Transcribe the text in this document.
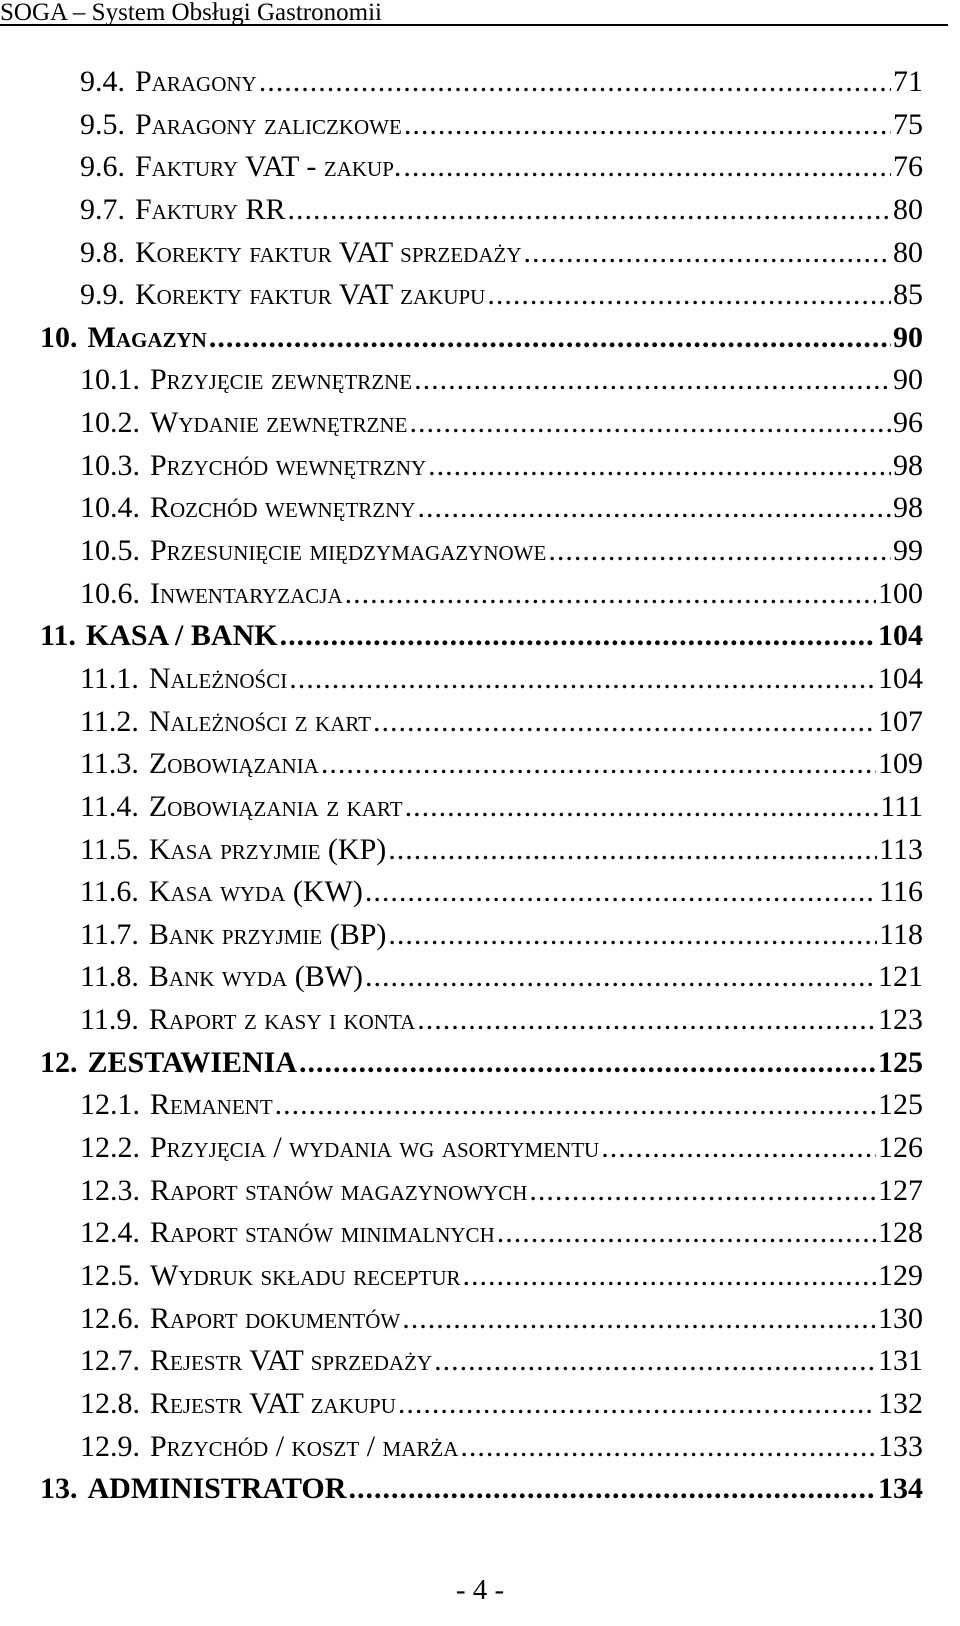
SOGA – System Obsługi Gastronomii
9.4. Paragony .....	71
9.5. Paragony zaliczkowe .....	75
9.6. Faktury VAT - zakup. .....	76
9.7. Faktury RR .....	80
9.8. Korekty faktur VAT sprzedaży .....	80
9.9. Korekty faktur VAT zakupu .....	85
10. Magazyn .....	90
10.1. Przyjęcie zewnętrzne .....	90
10.2. Wydanie zewnętrzne .....	96
10.3. Przychód wewnętrzny .....	98
10.4. Rozchód wewnętrzny .....	98
10.5. Przesunięcie międzymagazynowe .....	99
10.6. Inwentaryzacja .....	100
11. KASA / BANK .....	104
11.1. Należności .....	104
11.2. Należności z kart .....	107
11.3. Zobowiązania .....	109
11.4. Zobowiązania z kart .....	111
11.5. Kasa przyjmie (KP) .....	113
11.6. Kasa wyda (KW) .....	116
11.7. Bank przyjmie (BP) .....	118
11.8. Bank wyda (BW) .....	121
11.9. Raport z kasy i konta .....	123
12. ZESTAWIENIA .....	125
12.1. Remanent .....	125
12.2. Przyjęcia / wydania wg asortymentu .....	126
12.3. Raport stanów magazynowych .....	127
12.4. Raport stanów minimalnych .....	128
12.5. Wydruk składu receptur .....	129
12.6. Raport dokumentów .....	130
12.7. Rejestr VAT sprzedaży .....	131
12.8. Rejestr VAT zakupu .....	132
12.9. Przychód / koszt / marża .....	133
13. ADMINISTRATOR .....	134
- 4 -
